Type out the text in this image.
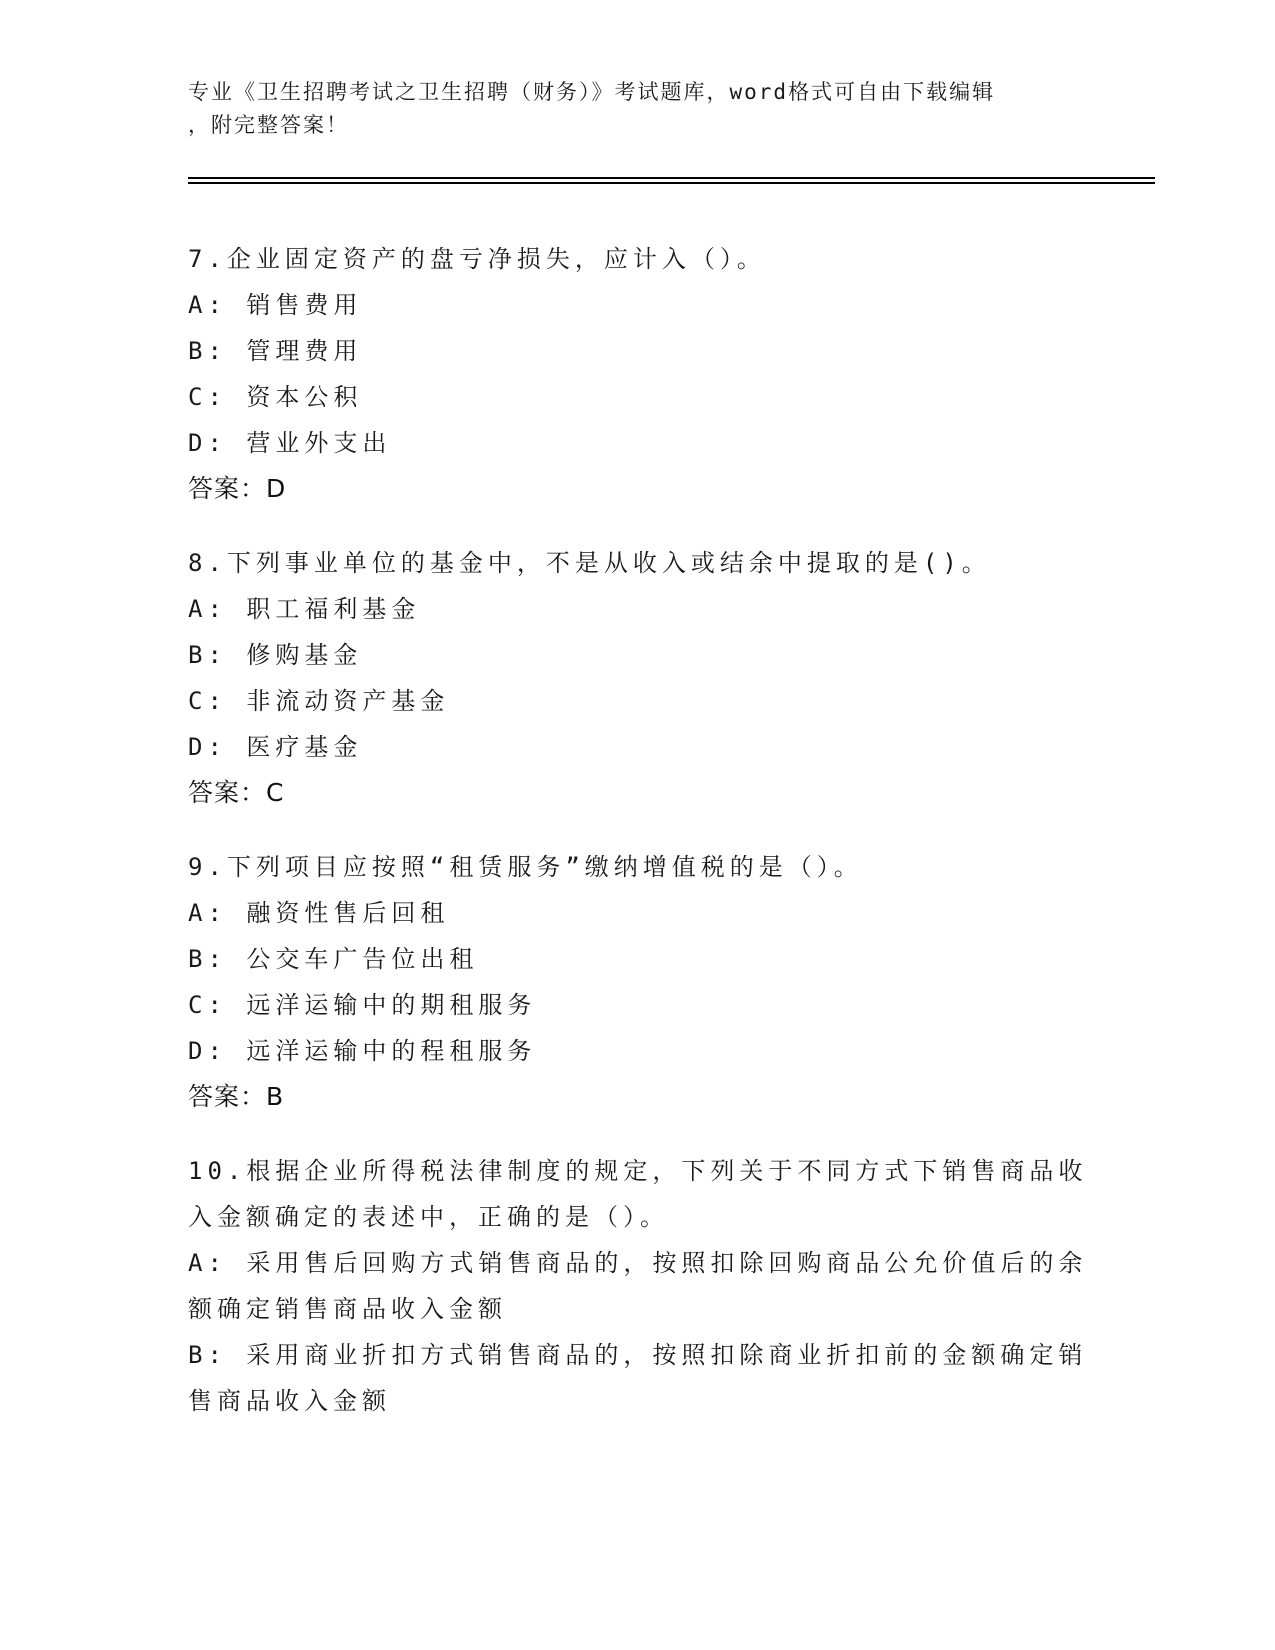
专业《卫生招聘考试之卫生招聘（财务）》考试题库，word格式可自由下载编辑
，附完整答案！
7.企业固定资产的盘亏净损失，应计入（）。
A: 销售费用
B: 管理费用
C: 资本公积
D: 营业外支出
答案：D
8.下列事业单位的基金中，不是从收入或结余中提取的是()。
A: 职工福利基金
B: 修购基金
C: 非流动资产基金
D: 医疗基金
答案：C
9.下列项目应按照“租赁服务”缴纳增值税的是（）。
A: 融资性售后回租
B: 公交车广告位出租
C: 远洋运输中的期租服务
D: 远洋运输中的程租服务
答案：B
10.根据企业所得税法律制度的规定，下列关于不同方式下销售商品收入金额确定的表述中，正确的是（）。
A: 采用售后回购方式销售商品的，按照扣除回购商品公允价值后的余额确定销售商品收入金额
B: 采用商业折扣方式销售商品的，按照扣除商业折扣前的金额确定销售商品收入金额
